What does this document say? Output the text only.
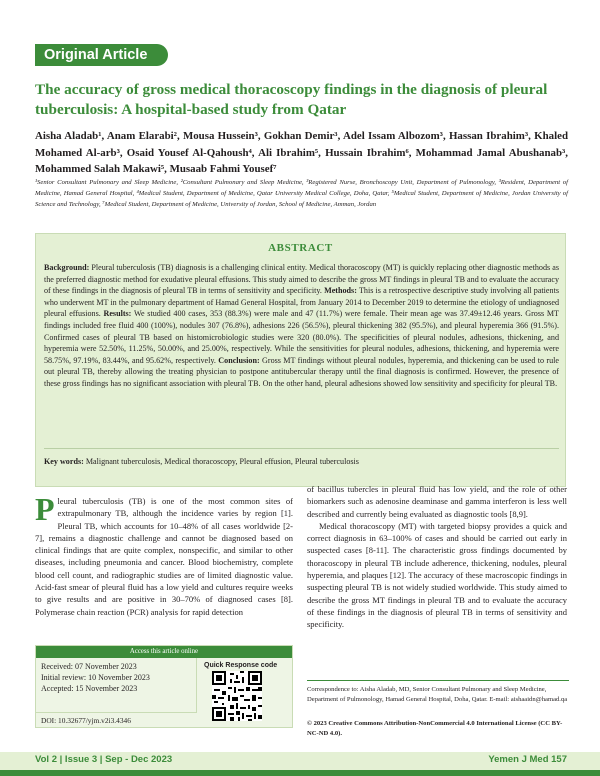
Original Article
The accuracy of gross medical thoracoscopy findings in the diagnosis of pleural tuberculosis: A hospital-based study from Qatar
Aisha Aladab¹, Anam Elarabi², Mousa Hussein³, Gokhan Demir³, Adel Issam Albozom³, Hassan Ibrahim³, Khaled Mohamed Al-arb³, Osaid Yousef Al-Qahoush⁴, Ali Ibrahim⁵, Hussain Ibrahim⁶, Mohammad Jamal Abushanab³, Mohammed Salah Makawi⁵, Musaab Fahmi Yousef⁷
¹Senior Consultant Pulmonary and Sleep Medicine, ²Consultant Pulmonary and Sleep Medicine, ³Registered Nurse, Bronchoscopy Unit, Department of Pulmonology, ³Resident, Department of Medicine, Hamad General Hospital, ⁴Medical Student, Department of Medicine, Qatar University Medical College, Doha, Qatar, ⁵Medical Student, Department of Medicine, Jordan University of Science and Technology, ⁷Medical Student, Department of Medicine, University of Jordan, School of Medicine, Amman, Jordan
ABSTRACT
Background: Pleural tuberculosis (TB) diagnosis is a challenging clinical entity. Medical thoracoscopy (MT) is quickly replacing other diagnostic methods as the preferred diagnostic method for exudative pleural effusions. This study aimed to describe the gross MT findings in pleural TB and to evaluate the accuracy of these findings in the diagnosis of pleural TB in terms of sensitivity and specificity. Methods: This is a retrospective descriptive study involving all patients who underwent MT in the pulmonary department of Hamad General Hospital, from January 2014 to December 2019 to determine the etiology of undiagnosed pleural effusions. Results: We studied 400 cases, 353 (88.3%) were male and 47 (11.7%) were female. Their mean age was 37.49±12.46 years. Gross MT findings included free fluid 400 (100%), nodules 307 (76.8%), adhesions 226 (56.5%), pleural thickening 382 (95.5%), and pleural hyperemia 366 (91.5%). Confirmed cases of pleural TB based on histomicrobiologic studies were 320 (80.0%). The specificities of pleural nodules, adhesions, thickening, and hyperemia were 52.50%, 11.25%, 50.00%, and 25.00%, respectively. While the sensitivities for pleural nodules, adhesions, thickening, and hyperemia were 58.75%, 97.19%, 83.44%, and 95.62%, respectively. Conclusion: Gross MT findings without pleural nodules, hyperemia, and thickening can be used to rule out pleural TB, thereby allowing the treating physician to postpone antitubercular therapy until the final diagnosis is confirmed. However, the presence of these gross findings has no significant association with pleural TB. On the other hand, pleural adhesions showed low sensitivity and specificity for pleural TB.
Key words: Malignant tuberculosis, Medical thoracoscopy, Pleural effusion, Pleural tuberculosis
P leural tuberculosis (TB) is one of the most common sites of extrapulmonary TB, although the incidence varies by region [1]. Pleural TB, which accounts for 10–48% of all cases worldwide [2-7], remains a diagnostic challenge and cannot be diagnosed based on clinical findings that are quite complex, nonspecific, and similar to other diseases, including pneumonia and cancer. Blood biochemistry, complete blood cell count, and radiographic studies are of limited diagnostic value. Acid-fast smear of pleural fluid has a low yield and cultures require weeks to give results and are positive in 30–70% of diagnosed cases [8]. Polymerase chain reaction (PCR) analysis for rapid detection

of bacillus tubercles in pleural fluid has low yield, and the role of other biomarkers such as adenosine deaminase and gamma interferon is less well described and currently being evaluated as diagnostic tools [8,9].

Medical thoracoscopy (MT) with targeted biopsy provides a quick and correct diagnosis in 63–100% of cases and should be carried out early in suspected cases [8-11]. The characteristic gross findings documented by thoracoscopy in pleural TB include adherence, thickening, nodules, pleural hyperemia, and plaques [12]. The accuracy of these macroscopic findings in suspecting pleural TB is not widely studied worldwide. This study aimed to describe the gross MT findings in pleural TB and to evaluate the accuracy of these findings in the diagnosis of pleural TB in terms of sensitivity and specificity.

Access this article online
Received: 07 November 2023
Initial review: 10 November 2023
Accepted: 15 November 2023
Quick Response code
DOI: 10.32677/yjm.v2i3.4346
Correspondence to: Aisha Aladab, MD, Senior Consultant Pulmonary and Sleep Medicine, Department of Pulmonology, Hamad General Hospital, Doha, Qatar. E-mail: aishaaidn@hamad.qa
© 2023 Creative Commons Attribution-NonCommercial 4.0 International License (CC BY-NC-ND 4.0).
Vol 2 | Issue 3 | Sep - Dec 2023	Yemen J Med 157
